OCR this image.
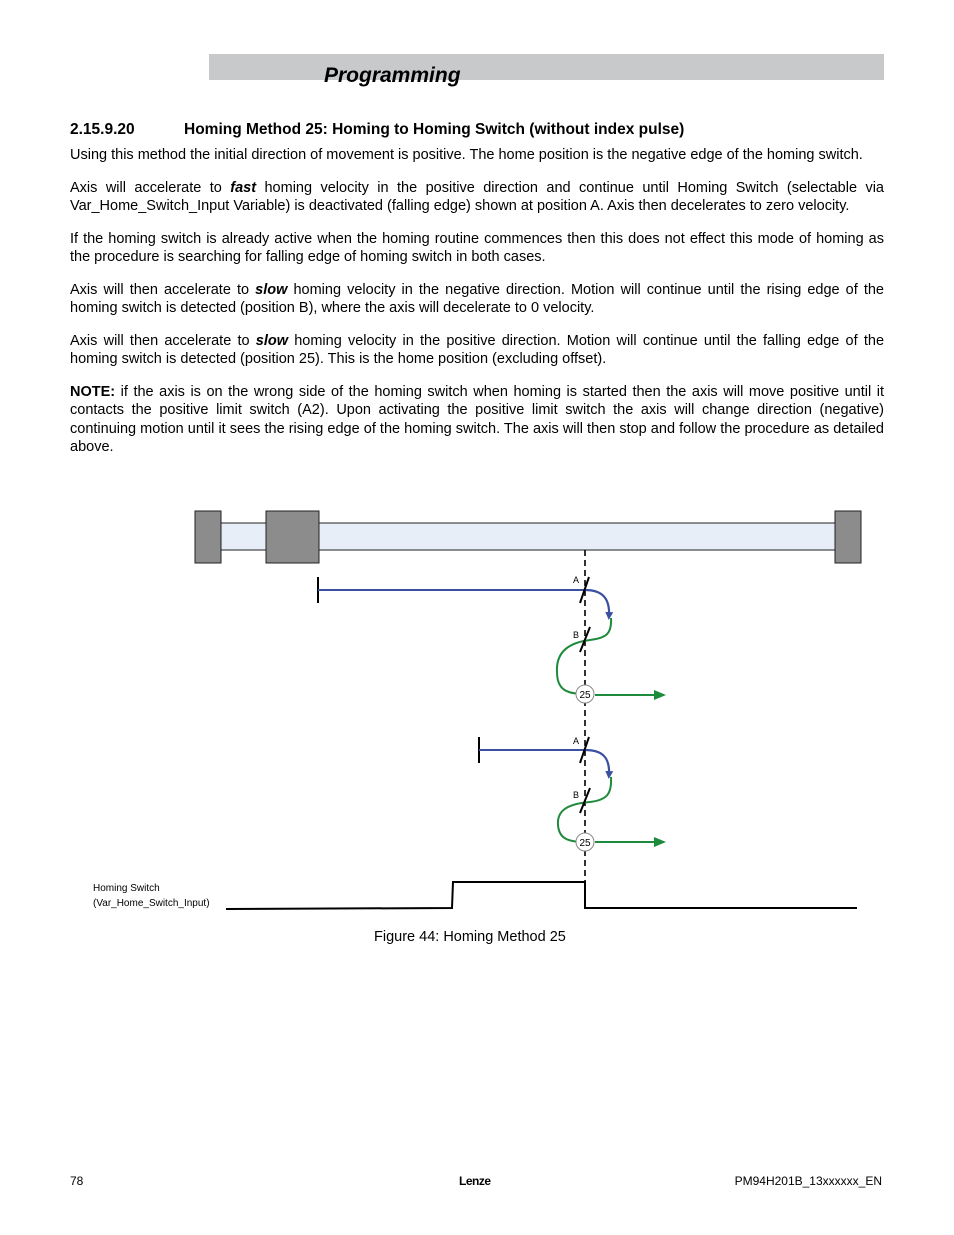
Programming
2.15.9.20	Homing Method 25: Homing to Homing Switch (without index pulse)

Using this method the initial direction of movement is positive. The home position is the negative edge of the homing switch.

Axis will accelerate to fast homing velocity in the positive direction and continue until Homing Switch (selectable via Var_Home_Switch_Input Variable) is deactivated (falling edge) shown at position A. Axis then decelerates to zero velocity.

If the homing switch is already active when the homing routine commences then this does not effect this mode of homing as the procedure is searching for falling edge of homing switch in both cases.

Axis will then accelerate to slow homing velocity in the negative direction. Motion will continue until the rising edge of the homing switch is detected (position B), where the axis will decelerate to 0 velocity.

Axis will then accelerate to slow homing velocity in the positive direction. Motion will continue until the falling edge of the homing switch is detected (position 25). This is the home position (excluding offset).

NOTE: if the axis is on the wrong side of the homing switch when homing is started then the axis will move positive until it contacts the positive limit switch (A2). Upon activating the positive limit switch the axis will change direction (negative) continuing motion until it sees the rising edge of the homing switch. The axis will then stop and follow the procedure as detailed above.

A
B
25
A
B
25
Homing Switch
(Var_Home_Switch_Input)
Figure 44: Homing Method 25
78	Lenze	PM94H201B_13xxxxxx_EN
